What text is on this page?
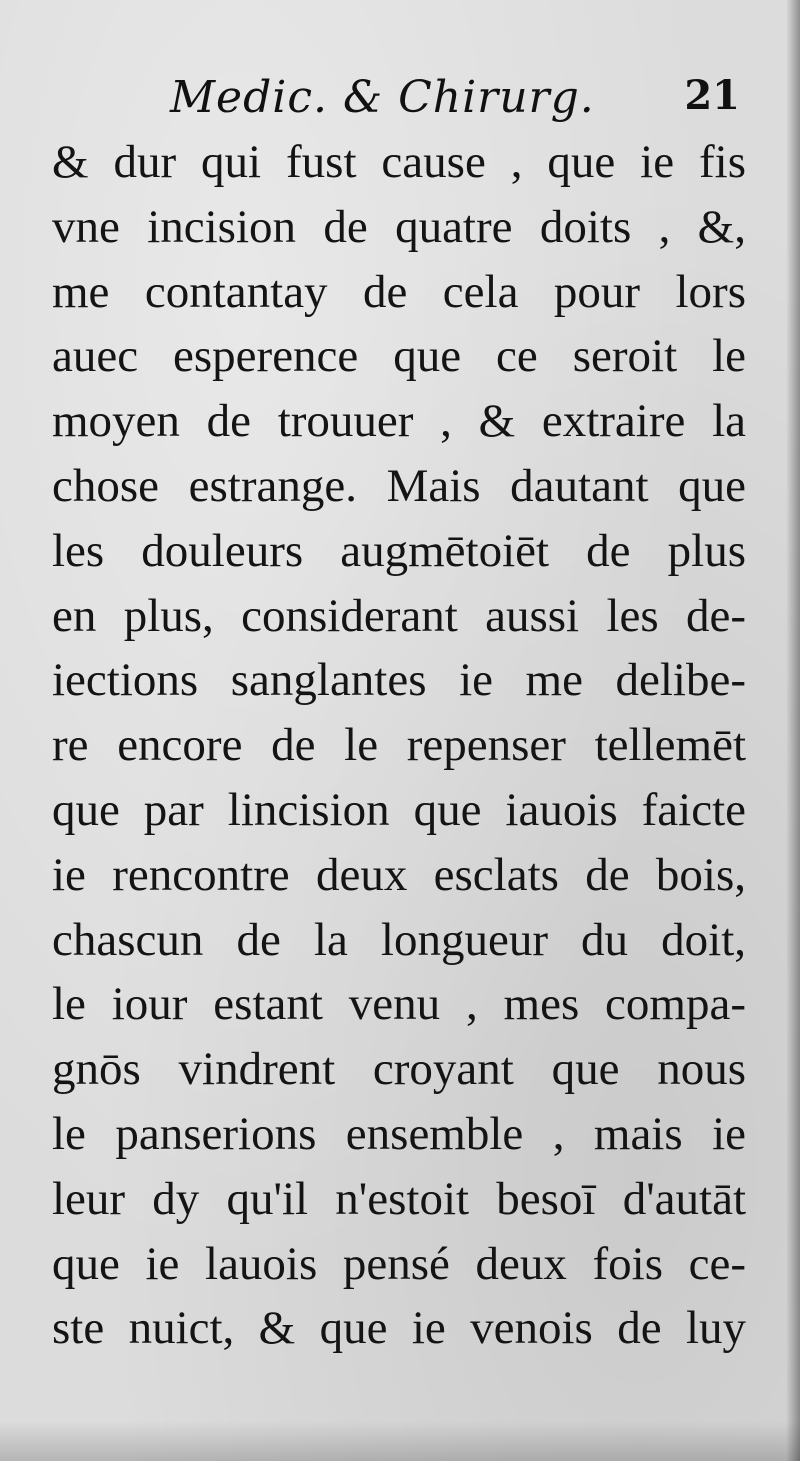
Medic. & Chirurg. 21
& dur qui fust cause , que ie fis
vne incision de quatre doits , &,
me contantay de cela pour lors
auec esperence que ce seroit le
moyen de trouuer , & extraire la
chose estrange. Mais dautant que
les douleurs augmētoiēt de plus
en plus, considerant aussi les de-
iections sanglantes ie me delibe-
re encore de le repenser tellemēt
que par lincision que iauois faicte
ie rencontre deux esclats de bois,
chascun de la longueur du doit,
le iour estant venu , mes compa-
gnōs vindrent croyant que nous
le panserions ensemble , mais ie
leur dy qu'il n'estoit besoī d'autāt
que ie lauois pensé deux fois ce-
ste nuict, & que ie venois de luy
